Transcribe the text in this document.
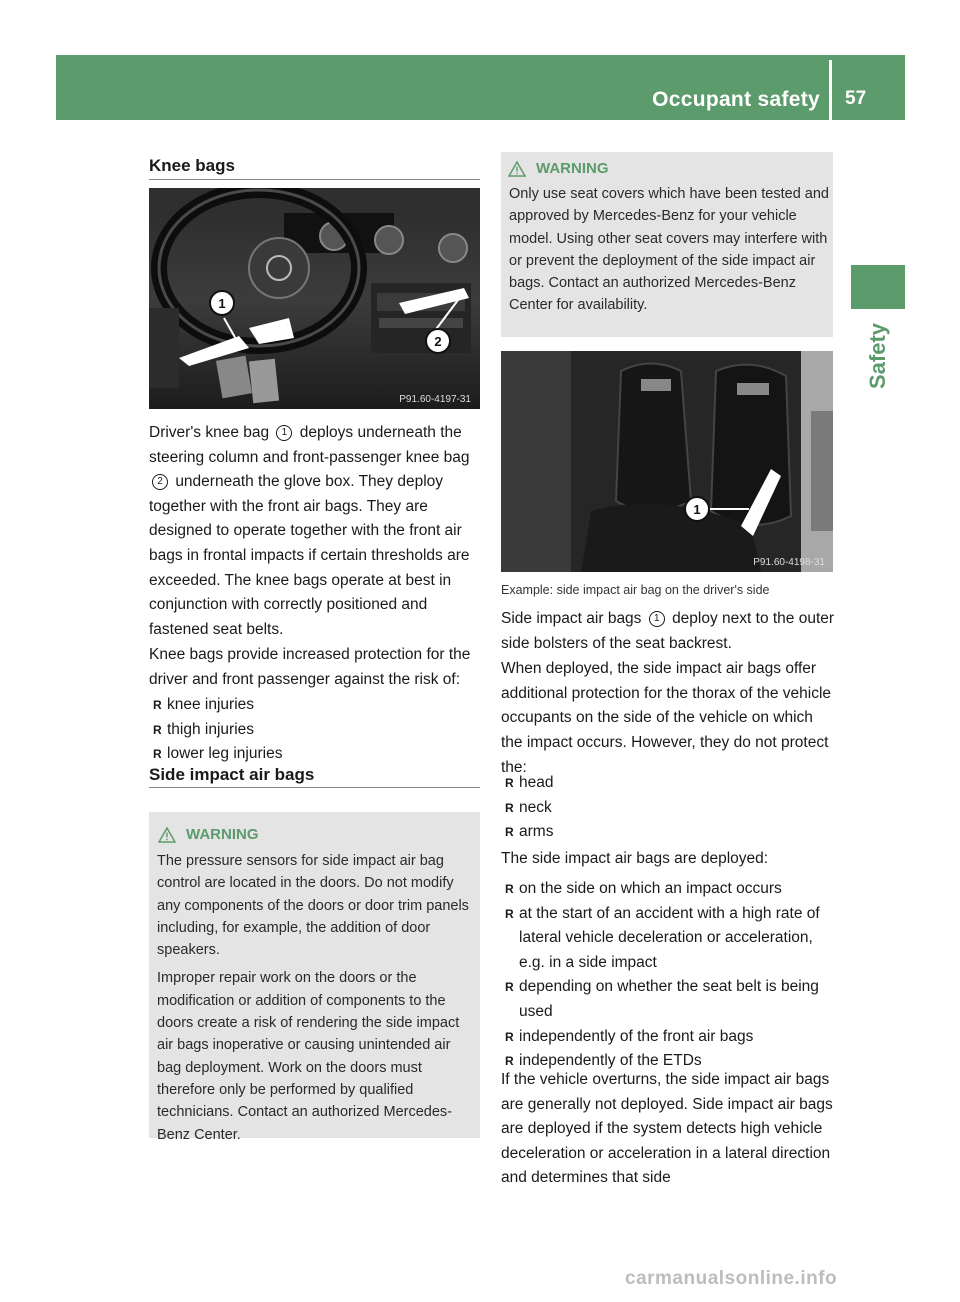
Occupant safety 57
Safety
Knee bags
1
2
P91.60-4197-31

Driver's knee bag 1 deploys underneath the steering column and front-passenger knee bag 2 underneath the glove box. They deploy together with the front air bags. They are designed to operate together with the front air bags in frontal impacts if certain thresholds are exceeded. The knee bags operate at best in conjunction with correctly positioned and fastened seat belts.

Knee bags provide increased protection for the driver and front passenger against the risk of:

R knee injuries
R thigh injuries
R lower leg injuries
Side impact air bags
WARNING

The pressure sensors for side impact air bag control are located in the doors. Do not modify any components of the doors or door trim panels including, for example, the addition of door speakers.

Improper repair work on the doors or the modification or addition of components to the doors create a risk of rendering the side impact air bags inoperative or causing unintended air bag deployment. Work on the doors must therefore only be performed by qualified technicians. Contact an authorized Mercedes-Benz Center.

WARNING

Only use seat covers which have been tested and approved by Mercedes-Benz for your vehicle model. Using other seat covers may interfere with or prevent the deployment of the side impact air bags. Contact an authorized Mercedes-Benz Center for availability.

1
P91.60-4198-31
Example: side impact air bag on the driver's side

Side impact air bags 1 deploy next to the outer side bolsters of the seat backrest.

When deployed, the side impact air bags offer additional protection for the thorax of the vehicle occupants on the side of the vehicle on which the impact occurs. However, they do not protect the:

R head
R neck
R arms
The side impact air bags are deployed:
R on the side on which an impact occurs
R at the start of an accident with a high rate of lateral vehicle deceleration or acceleration, e.g. in a side impact
R depending on whether the seat belt is being used
R independently of the front air bags
R independently of the ETDs
If the vehicle overturns, the side impact air bags are generally not deployed. Side impact air bags are deployed if the system detects high vehicle deceleration or acceleration in a lateral direction and determines that side
carmanualsonline.info
